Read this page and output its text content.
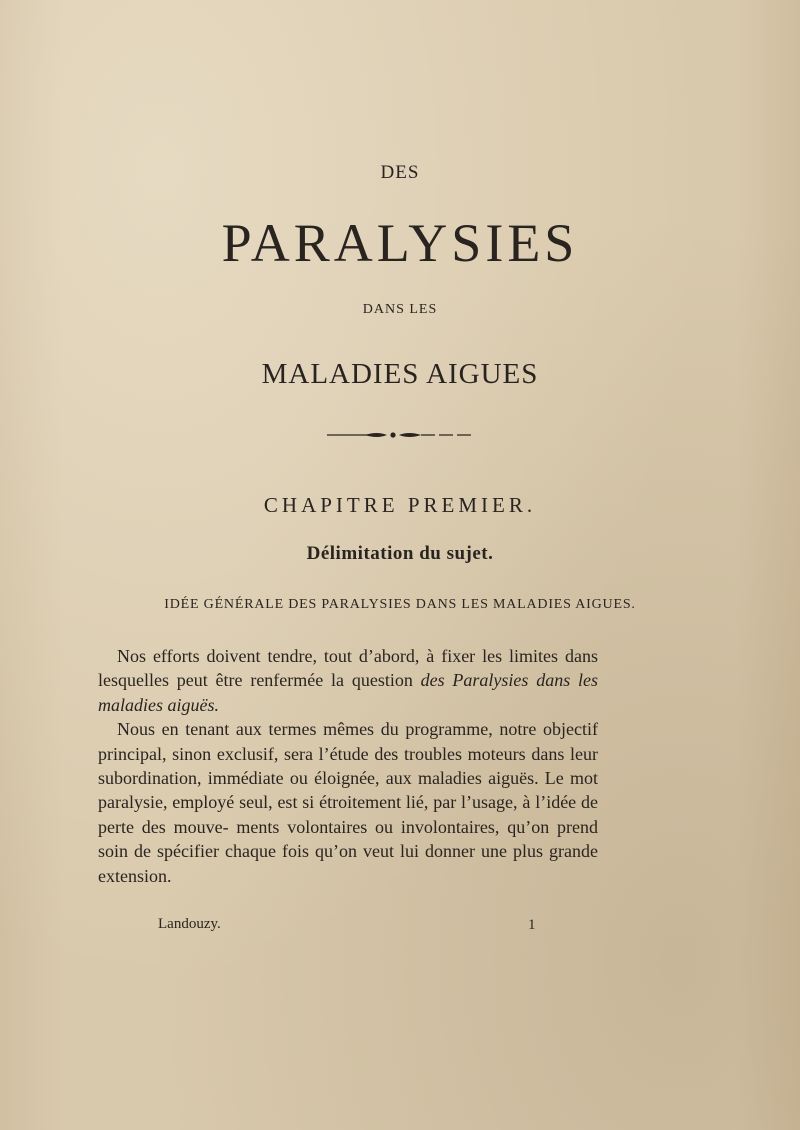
DES
PARALYSIES
DANS LES
MALADIES AIGUES
CHAPITRE PREMIER.
Délimitation du sujet.
IDÉE GÉNÉRALE DES PARALYSIES DANS LES MALADIES AIGUES.

Nos efforts doivent tendre, tout d’abord, à fixer les limites dans lesquelles peut être renfermée la question des Paralysies dans les maladies aiguës.

Nous en tenant aux termes mêmes du programme, notre objectif principal, sinon exclusif, sera l’étude des troubles moteurs dans leur subordination, immédiate ou éloignée, aux maladies aiguës. Le mot paralysie, employé seul, est si étroitement lié, par l’usage, à l’idée de perte des mouve- ments volontaires ou involontaires, qu’on prend soin de spécifier chaque fois qu’on veut lui donner une plus grande extension.

Landouzy.	1
